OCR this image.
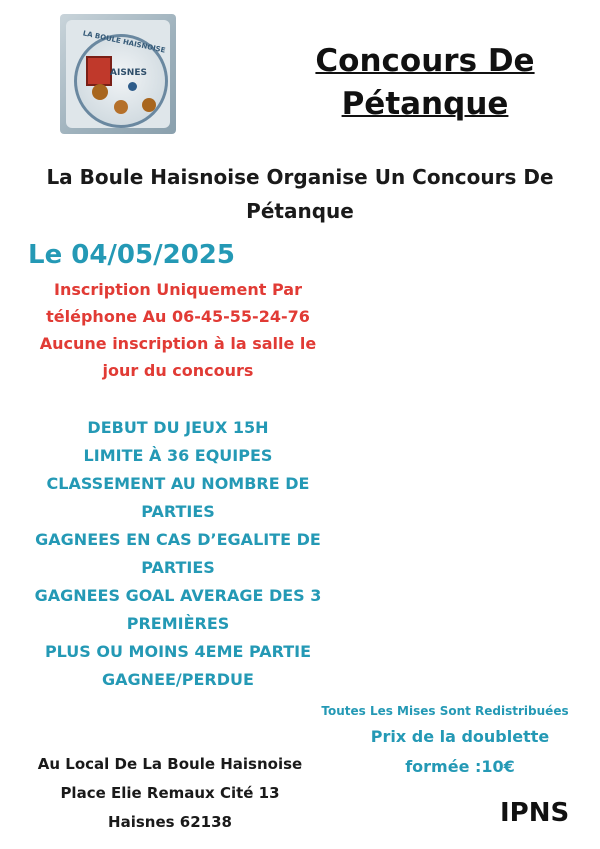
LA BOULE HAISNOISE
AISNES	Concours De
Pétanque
La Boule Haisnoise Organise Un Concours De
Pétanque
Le 04/05/2025
Inscription Uniquement Par
téléphone Au 06-45-55-24-76
Aucune inscription à la salle le
jour du concours
DEBUT DU JEUX 15H
LIMITE À 36 EQUIPES
CLASSEMENT AU NOMBRE DE
PARTIES
GAGNEES EN CAS D’EGALITE DE
PARTIES
GAGNEES GOAL AVERAGE DES 3
PREMIÈRES
PLUS OU MOINS 4EME PARTIE
GAGNEE/PERDUE
Toutes Les Mises Sont Redistribuées
Prix de la doublette
formée :10€
Au Local De La Boule Haisnoise
Place Elie Remaux Cité 13
Haisnes 62138	IPNS
